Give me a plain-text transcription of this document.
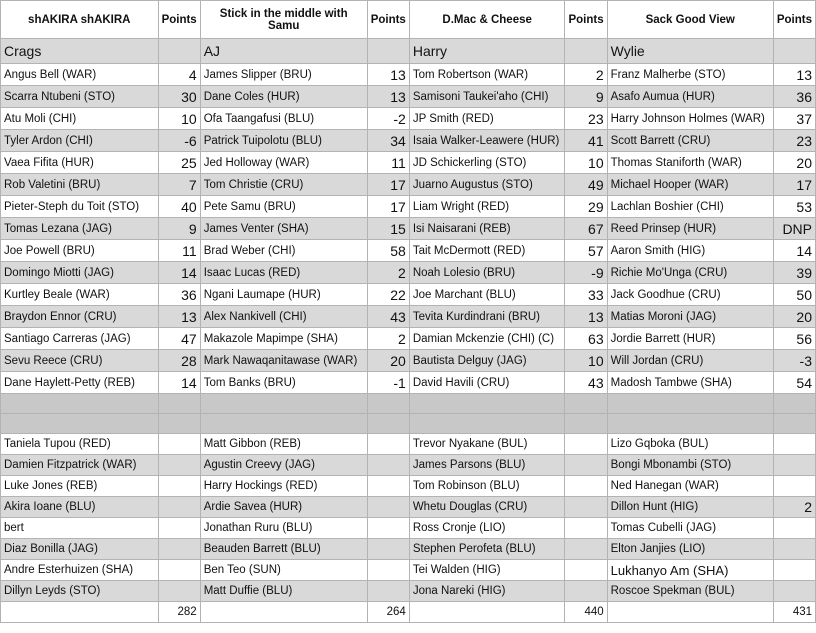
shAKIRA shAKIRA	Points	Stick in the middle with Samu	Points	D.Mac & Cheese	Points	Sack Good View	Points
Crags		AJ		Harry		Wylie	
Angus Bell (WAR)	4	James Slipper (BRU)	13	Tom Robertson (WAR)	2	Franz Malherbe (STO)	13
Scarra Ntubeni (STO)	30	Dane Coles (HUR)	13	Samisoni Taukei'aho (CHI)	9	Asafo Aumua (HUR)	36
Atu Moli (CHI)	10	Ofa Taangafusi (BLU)	-2	JP Smith (RED)	23	Harry Johnson Holmes (WAR)	37
Tyler Ardon (CHI)	-6	Patrick Tuipolotu (BLU)	34	Isaia Walker-Leawere (HUR)	41	Scott Barrett (CRU)	23
Vaea Fifita (HUR)	25	Jed Holloway (WAR)	11	JD Schickerling (STO)	10	Thomas Staniforth (WAR)	20
Rob Valetini (BRU)	7	Tom Christie (CRU)	17	Juarno Augustus (STO)	49	Michael Hooper (WAR)	17
Pieter-Steph du Toit (STO)	40	Pete Samu (BRU)	17	Liam Wright (RED)	29	Lachlan Boshier (CHI)	53
Tomas Lezana (JAG)	9	James Venter (SHA)	15	Isi Naisarani (REB)	67	Reed Prinsep (HUR)	DNP
Joe Powell (BRU)	11	Brad Weber (CHI)	58	Tait McDermott (RED)	57	Aaron Smith (HIG)	14
Domingo Miotti (JAG)	14	Isaac Lucas (RED)	2	Noah Lolesio (BRU)	-9	Richie Mo'Unga (CRU)	39
Kurtley Beale (WAR)	36	Ngani Laumape (HUR)	22	Joe Marchant (BLU)	33	Jack Goodhue (CRU)	50
Braydon Ennor (CRU)	13	Alex Nankivell (CHI)	43	Tevita Kurdindrani (BRU)	13	Matias Moroni (JAG)	20
Santiago Carreras (JAG)	47	Makazole Mapimpe (SHA)	2	Damian Mckenzie (CHI) (C)	63	Jordie Barrett (HUR)	56
Sevu Reece (CRU)	28	Mark Nawaqanitawase (WAR)	20	Bautista Delguy (JAG)	10	Will Jordan (CRU)	-3
Dane Haylett-Petty (REB)	14	Tom Banks (BRU)	-1	David Havili (CRU)	43	Madosh Tambwe (SHA)	54

Taniela Tupou (RED)		Matt Gibbon (REB)		Trevor Nyakane (BUL)		Lizo Gqboka (BUL)	
Damien Fitzpatrick (WAR)		Agustin Creevy (JAG)		James Parsons (BLU)		Bongi Mbonambi (STO)	
Luke Jones (REB)		Harry Hockings (RED)		Tom Robinson (BLU)		Ned Hanegan (WAR)	
Akira Ioane (BLU)		Ardie Savea (HUR)		Whetu Douglas (CRU)		Dillon Hunt (HIG)	2
bert		Jonathan Ruru (BLU)		Ross Cronje (LIO)		Tomas Cubelli (JAG)	
Diaz Bonilla (JAG)		Beauden Barrett (BLU)		Stephen Perofeta (BLU)		Elton Janjies (LIO)	
Andre Esterhuizen (SHA)		Ben Teo (SUN)		Tei Walden (HIG)		Lukhanyo Am (SHA)	
Dillyn Leyds (STO)		Matt Duffie (BLU)		Jona Nareki (HIG)		Roscoe Spekman (BUL)	
	282		264		440		431
